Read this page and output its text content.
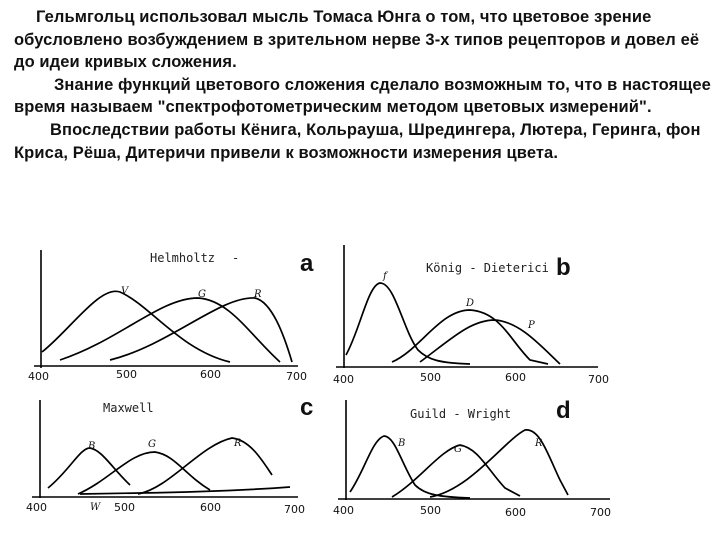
Гельмгольц использовал мысль Томаса Юнга о том, что цветовое зрение обусловлено возбуждением в зрительном нерве 3-х типов рецепторов и довел её до идеи кривых сложения.

Знание функций цветового сложения сделало возможным то, что в настоящее время называем "спектрофотометрическим методом цветовых измерений".

Впоследствии работы Кёнига, Кольрауша, Шредингера, Лютера, Геринга, фон Криса, Рёша, Дитеричи привели к возможности измерения цвета.

Helmholtz -	a
V	G	R
400	500	600	700
König - Dieterici b
f
D
P
400	500	600	700
Maxwell	c
B	G	R
W
400	500	600	700
Guild - Wright d
B
G
R
400	500	600	700
